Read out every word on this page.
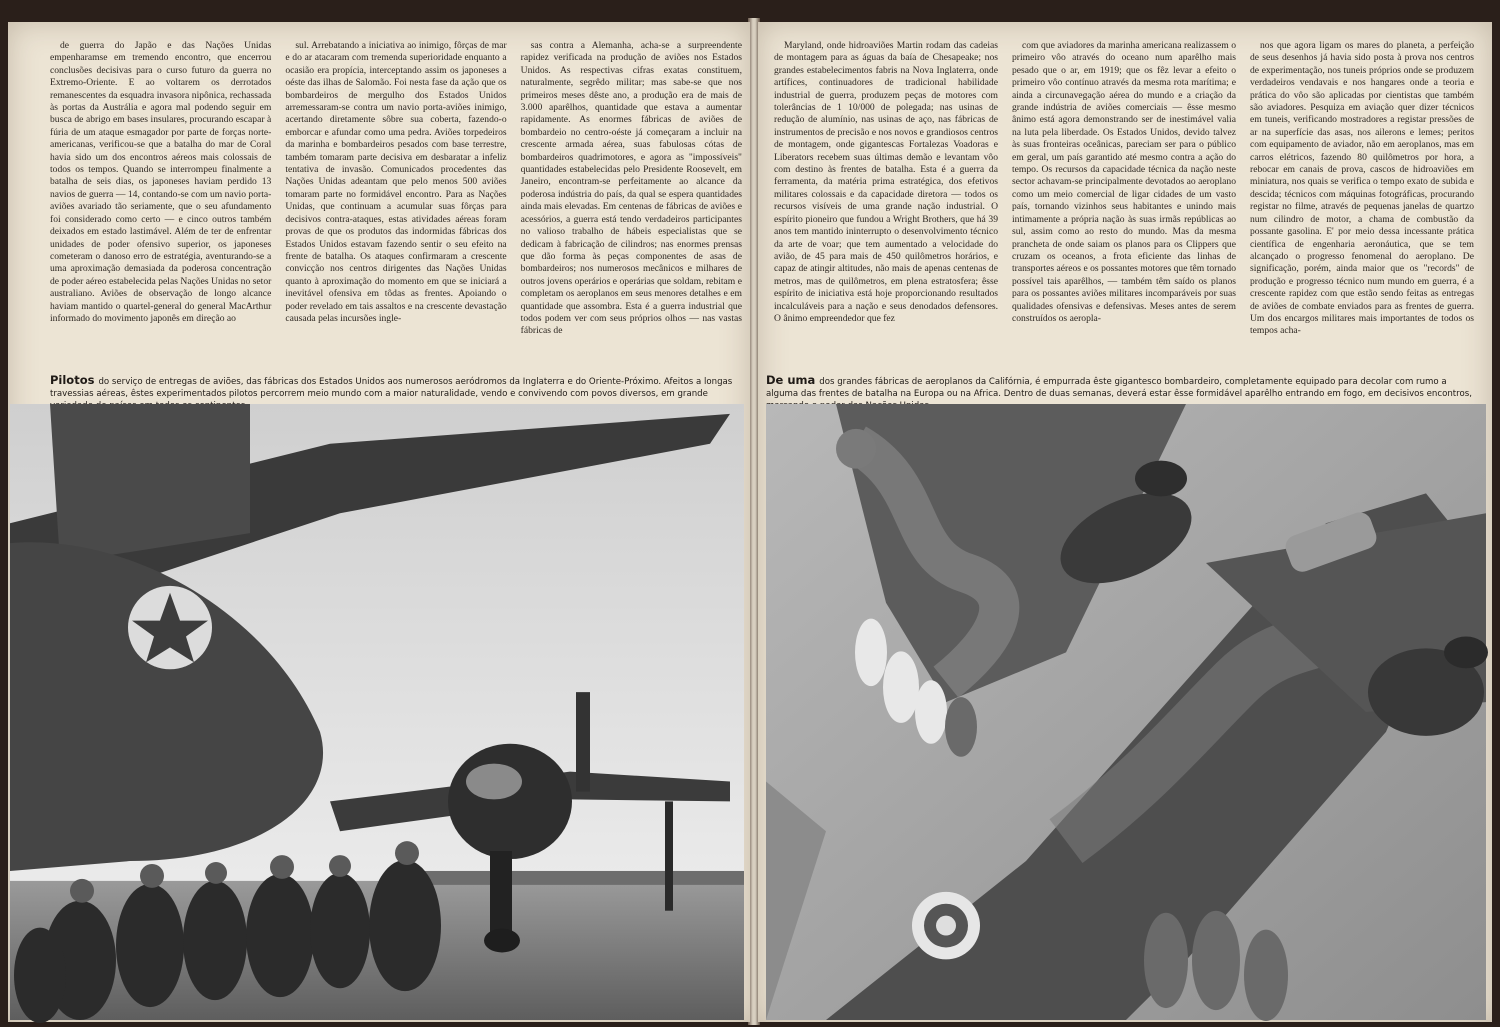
de guerra do Japão e das Nações Unidas empenharamse em tremendo encontro, que encerrou conclusões decisivas para o curso futuro da guerra no Extremo-Oriente. E ao voltarem os derrotados remanescentes da esquadra invasora nipônica, rechassada às portas da Austrália e agora mal podendo seguir em busca de abrigo em bases insulares, procurando escapar à fúria de um ataque esmagador por parte de forças norte-americanas, verificou-se que a batalha do mar de Coral havia sido um dos encontros aéreos mais colossais de todos os tempos. Quando se interrompeu finalmente a batalha de seis dias, os japoneses haviam perdido 13 navios de guerra — 14, contando-se com um navio porta-aviões avariado tão seriamente, que o seu afundamento foi considerado como certo — e cinco outros também deixados em estado lastimável. Além de ter de enfrentar unidades de poder ofensivo superior, os japoneses cometeram o danoso erro de estratégia, aventurando-se a uma aproximação demasiada da poderosa concentração de poder aéreo estabelecida pelas Nações Unidas no setor australiano. Aviões de observação de longo alcance haviam mantido o quartel-general do general MacArthur informado do movimento japonês em direção ao

sul. Arrebatando a iniciativa ao inimigo, fôrças de mar e do ar atacaram com tremenda superioridade enquanto a ocasião era propícia, interceptando assim os japoneses a oéste das ilhas de Salomão. Foi nesta fase da ação que os bombardeiros de mergulho dos Estados Unidos arremessaram-se contra um navio porta-aviões inimigo, acertando diretamente sôbre sua coberta, fazendo-o emborcar e afundar como uma pedra. Aviões torpedeiros da marinha e bombardeiros pesados com base terrestre, também tomaram parte decisiva em desbaratar a infeliz tentativa de invasão. Comunicados procedentes das Nações Unidas adeantam que pelo menos 500 aviões tomaram parte no formidável encontro. Para as Nações Unidas, que continuam a acumular suas fôrças para decisivos contra-ataques, estas atividades aéreas foram provas de que os produtos das indormidas fábricas dos Estados Unidos estavam fazendo sentir o seu efeito na frente de batalha. Os ataques confirmaram a crescente convicção nos centros dirigentes das Nações Unidas quanto à aproximação do momento em que se iniciará a inevitável ofensiva em tôdas as frentes. Apoiando o poder revelado em tais assaltos e na crescente devastação causada pelas incursões ingle-

sas contra a Alemanha, acha-se a surpreendente rapidez verificada na produção de aviões nos Estados Unidos. As respectivas cifras exatas constituem, naturalmente, segrêdo militar; mas sabe-se que nos primeiros meses dêste ano, a produção era de mais de 3.000 aparêlhos, quantidade que estava a aumentar rapidamente. As enormes fábricas de aviões de bombardeio no centro-oéste já começaram a incluir na crescente armada aérea, suas fabulosas cótas de bombardeiros quadrimotores, e agora as "impossíveis" quantidades estabelecidas pelo Presidente Roosevelt, em Janeiro, encontram-se perfeitamente ao alcance da poderosa indústria do país, da qual se espera quantidades ainda mais elevadas. Em centenas de fábricas de aviões e acessórios, a guerra está tendo verdadeiros participantes no valioso trabalho de hábeis especialistas que se dedicam à fabricação de cilindros; nas enormes prensas que dão forma às peças componentes de asas de bombardeiros; nos numerosos mecânicos e milhares de outros jovens operários e operárias que soldam, rebitam e completam os aeroplanos em seus menores detalhes e em quantidade que assombra. Esta é a guerra industrial que todos podem ver com seus próprios olhos — nas vastas fábricas de

Pilotos do serviço de entregas de aviões, das fábricas dos Estados Unidos aos numerosos aeródromos da Inglaterra e do Oriente-Próximo. Afeitos a longas travessias aéreas, êstes experimentados pilotos percorrem meio mundo com a maior naturalidade, vendo e convivendo com povos diversos, em grande

Maryland, onde hidroaviões Martin rodam das cadeias de montagem para as águas da baía de Chesapeake; nos grandes estabelecimentos fabris na Nova Inglaterra, onde artífices, continuadores de tradicional habilidade industrial de guerra, produzem peças de motores com tolerâncias de 1 10/000 de polegada; nas usinas de redução de alumínio, nas usinas de aço, nas fábricas de instrumentos de precisão e nos novos e grandiosos centros de montagem, onde gigantescas Fortalezas Voadoras e Liberators recebem suas últimas demão e levantam vôo com destino às frentes de batalha. Esta é a guerra da ferramenta, da matéria prima estratégica, dos efetivos militares colossais e da capacidade diretora — todos os recursos visíveis de uma grande nação industrial. O espírito pioneiro que fundou a Wright Brothers, que há 39 anos tem mantido ininterrupto o desenvolvimento técnico da arte de voar; que tem aumentado a velocidade do avião, de 45 para mais de 450 quilômetros horários, e capaz de atingir altitudes, não mais de apenas centenas de metros, mas de quilômetros, em plena estratosfera; êsse espírito de iniciativa está hoje proporcionando resultados incalculáveis para a nação e seus denodados defensores. O ânimo empreendedor que fez

com que aviadores da marinha americana realizassem o primeiro vôo através do oceano num aparêlho mais pesado que o ar, em 1919; que os fêz levar a efeito o primeiro vôo contínuo através da mesma rota marítima; e ainda a circunavegação aérea do mundo e a criação da grande indústria de aviões comerciais — êsse mesmo ânimo está agora demonstrando ser de inestimável valia na luta pela liberdade. Os Estados Unidos, devido talvez às suas fronteiras oceânicas, pareciam ser para o público em geral, um país garantido até mesmo contra a ação do tempo. Os recursos da capacidade técnica da nação neste sector achavam-se principalmente devotados ao aeroplano como um meio comercial de ligar cidades de um vasto país, tornando vizinhos seus habitantes e unindo mais intimamente a própria nação às suas irmãs repúblicas ao sul, assim como ao resto do mundo. Mas da mesma prancheta de onde saiam os planos para os Clippers que cruzam os oceanos, a frota eficiente das linhas de transportes aéreos e os possantes motores que têm tornado possível tais aparêlhos, — também têm saído os planos para os possantes aviões militares incomparáveis por suas qualidades ofensivas e defensivas. Meses antes de serem construídos os aeropla-

nos que agora ligam os mares do planeta, a perfeição de seus desenhos já havia sido posta à prova nos centros de experimentação, nos tuneis próprios onde se produzem verdadeiros vendavais e nos hangares onde a teoria e prática do vôo são aplicadas por cientistas que também são aviadores. Pesquiza em aviação quer dizer técnicos em tuneis, verificando mostradores a registar pressões de ar na superfície das asas, nos ailerons e lemes; peritos com equipamento de aviador, não em aeroplanos, mas em carros elétricos, fazendo 80 quilômetros por hora, a rebocar em canais de prova, cascos de hidroaviões em miniatura, nos quais se verifica o tempo exato de subida e descida; técnicos com máquinas fotográficas, procurando registar no filme, através de pequenas janelas de quartzo num cilindro de motor, a chama de combustão da possante gasolina. E' por meio dessa incessante prática científica de engenharia aeronáutica, que se tem alcançado o progresso fenomenal do aeroplano. De significação, porém, ainda maior que os "records" de produção e progresso técnico num mundo em guerra, é a crescente rapidez com que estão sendo feitas as entregas de aviões de combate enviados para as frentes de guerra. Um dos encargos militares mais importantes de todos os tempos acha-

De uma dos grandes fábricas de aeroplanos da Califórnia, é empurrada êste gigantesco bombardeiro, completamente equipado para decolar com rumo a alguma das frentes de batalha na Europa ou na Africa. Dentro de duas semanas, deverá estar êsse formidável aparêlho entrando em fogo, em decisivos encontros,
